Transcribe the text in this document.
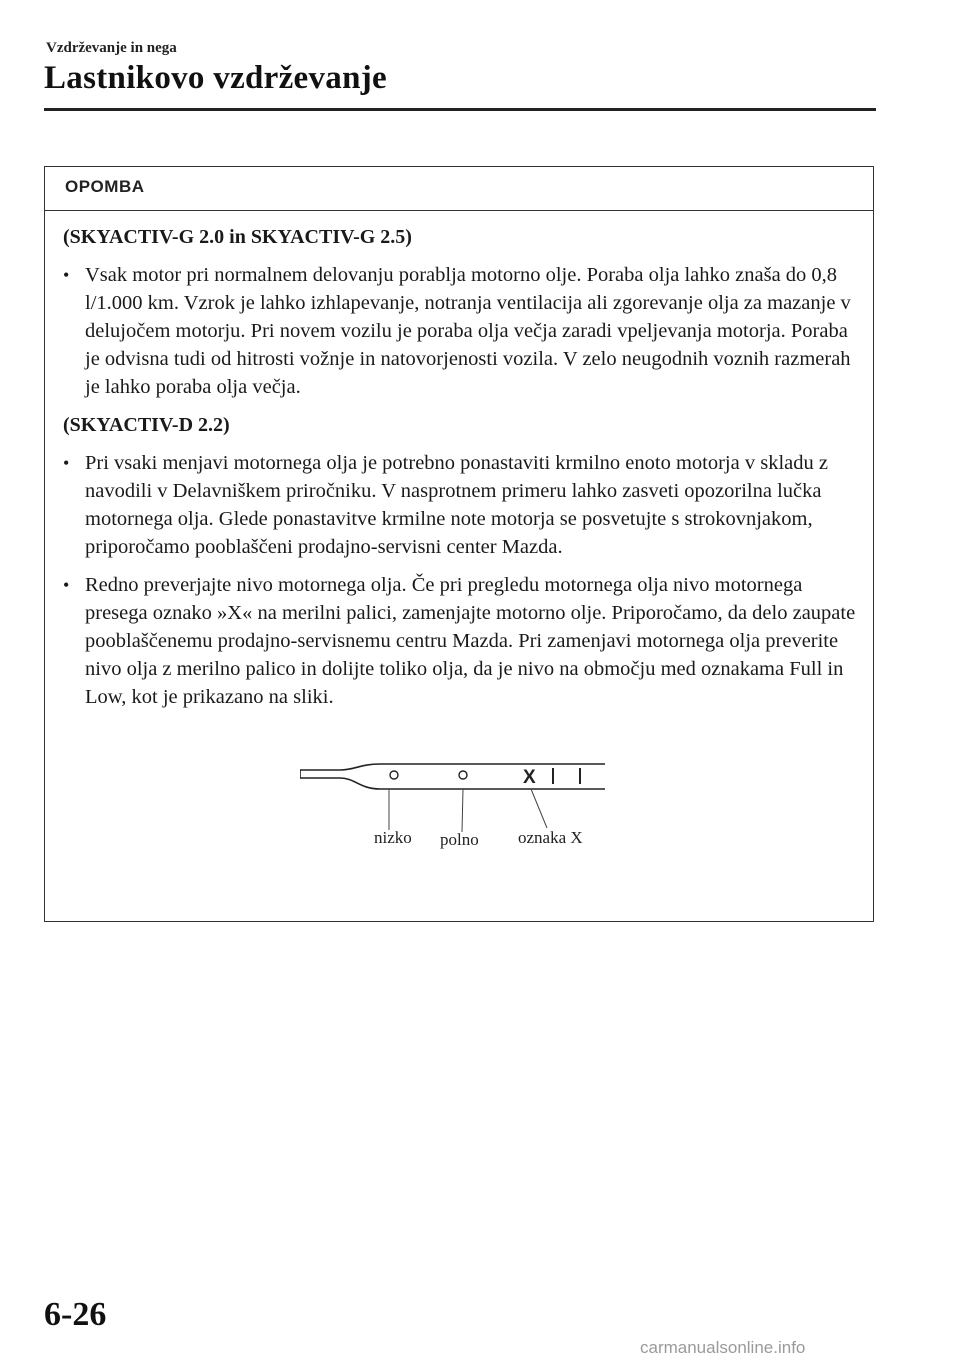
Vzdrževanje in nega
Lastnikovo vzdrževanje
OPOMBA
(SKYACTIV-G 2.0 in SKYACTIV-G 2.5)
• Vsak motor pri normalnem delovanju porablja motorno olje. Poraba olja lahko znaša do 0,8 l/1.000 km. Vzrok je lahko izhlapevanje, notranja ventilacija ali zgorevanje olja za mazanje v delujočem motorju. Pri novem vozilu je poraba olja večja zaradi vpeljevanja motorja. Poraba je odvisna tudi od hitrosti vožnje in natovorjenosti vozila. V zelo neugodnih voznih razmerah je lahko poraba olja večja.
(SKYACTIV-D 2.2)
• Pri vsaki menjavi motornega olja je potrebno ponastaviti krmilno enoto motorja v skladu z navodili v Delavniškem priročniku. V nasprotnem primeru lahko zasveti opozorilna lučka motornega olja. Glede ponastavitve krmilne note motorja se posvetujte s strokovnjakom, priporočamo pooblaščeni prodajno-servisni center Mazda.
• Redno preverjajte nivo motornega olja. Če pri pregledu motornega olja nivo motornega presega oznako »X« na merilni palici, zamenjajte motorno olje. Priporočamo, da delo zaupate pooblaščenemu prodajno-servisnemu centru Mazda. Pri zamenjavi motornega olja preverite nivo olja z merilno palico in dolijte toliko olja, da je nivo na območju med oznakama Full in Low, kot je prikazano na sliki.
X
nizko polno oznaka X
6-26
carmanualsonline.info
